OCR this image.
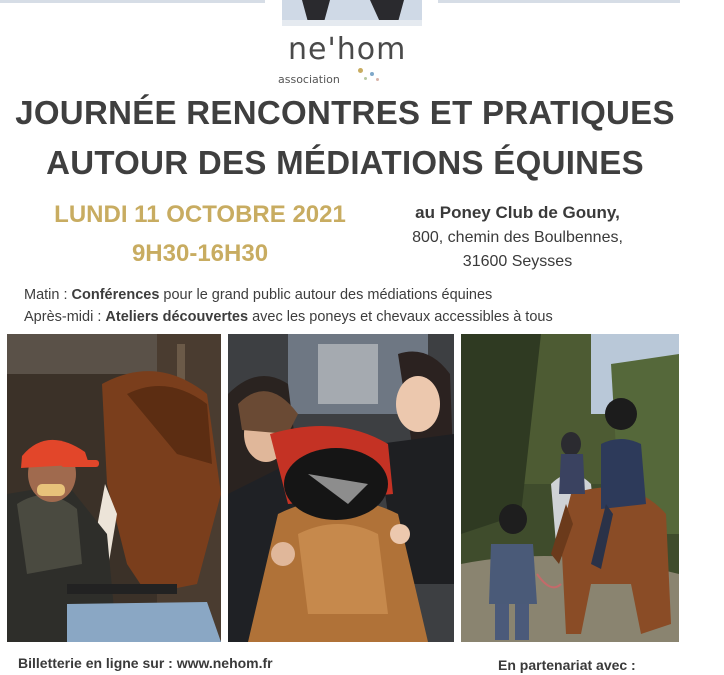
ne'hom
association
JOURNÉE RENCONTRES ET PRATIQUES
AUTOUR DES MÉDIATIONS ÉQUINES
LUNDI 11 OCTOBRE 2021
9H30-16H30
au Poney Club de Gouny,
800, chemin des Boulbennes,
31600 Seysses
Matin : Conférences pour le grand public autour des médiations équines
Après-midi : Ateliers découvertes avec les poneys et chevaux accessibles à tous
Billetterie en ligne sur : www.nehom.fr	En partenariat avec :
